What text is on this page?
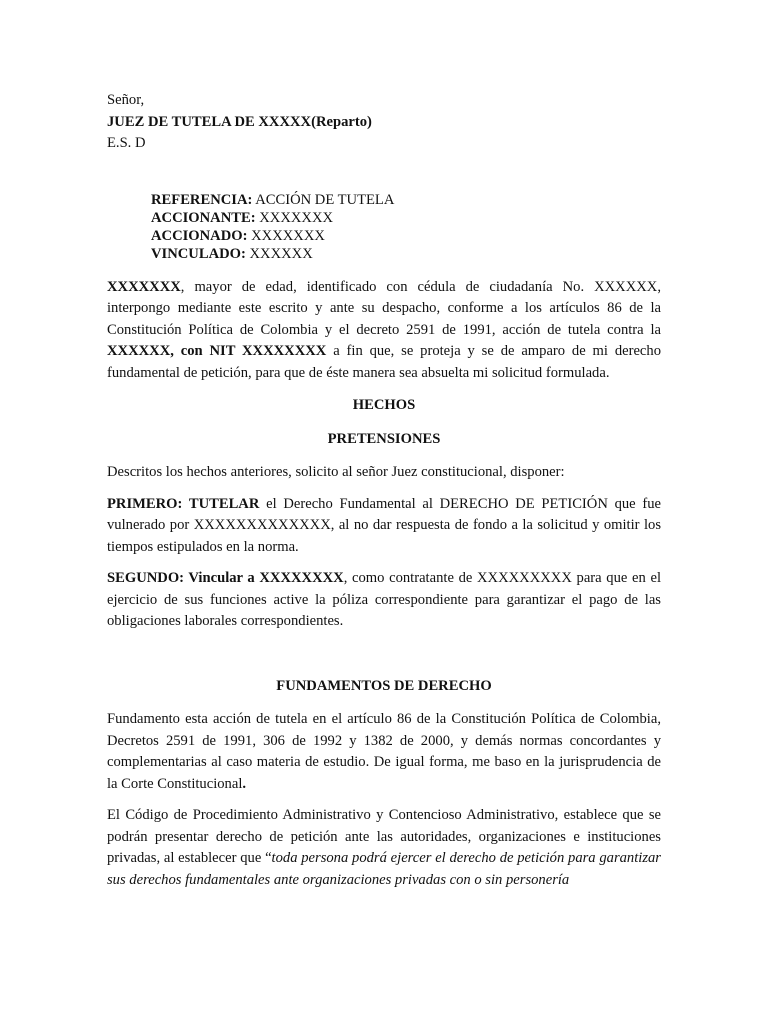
Señor,
JUEZ DE TUTELA DE XXXXX(Reparto)
E.S. D
REFERENCIA: ACCIÓN DE TUTELA
ACCIONANTE: XXXXXXX
ACCIONADO: XXXXXXX
VINCULADO: XXXXXX

XXXXXXX, mayor de edad, identificado con cédula de ciudadanía No. XXXXXX, interpongo mediante este escrito y ante su despacho, conforme a los artículos 86 de la Constitución Política de Colombia y el decreto 2591 de 1991, acción de tutela contra la XXXXXX, con NIT XXXXXXXX a fin que, se proteja y se de amparo de mi derecho fundamental de petición, para que de éste manera sea absuelta mi solicitud formulada.

HECHOS

PRETENSIONES

Descritos los hechos anteriores, solicito al señor Juez constitucional, disponer:

PRIMERO: TUTELAR el Derecho Fundamental al DERECHO DE PETICIÓN que fue vulnerado por XXXXXXXXXXXXX, al no dar respuesta de fondo a la solicitud y omitir los tiempos estipulados en la norma.

SEGUNDO: Vincular a XXXXXXXX, como contratante de XXXXXXXXX para que en el ejercicio de sus funciones active la póliza correspondiente para garantizar el pago de las obligaciones laborales correspondientes.

FUNDAMENTOS DE DERECHO

Fundamento esta acción de tutela en el artículo 86 de la Constitución Política de Colombia, Decretos 2591 de 1991, 306 de 1992 y 1382 de 2000, y demás normas concordantes y complementarias al caso materia de estudio. De igual forma, me baso en la jurisprudencia de la Corte Constitucional.

El Código de Procedimiento Administrativo y Contencioso Administrativo, establece que se podrán presentar derecho de petición ante las autoridades, organizaciones e instituciones privadas, al establecer que “toda persona podrá ejercer el derecho de petición para garantizar sus derechos fundamentales ante organizaciones privadas con o sin personería
